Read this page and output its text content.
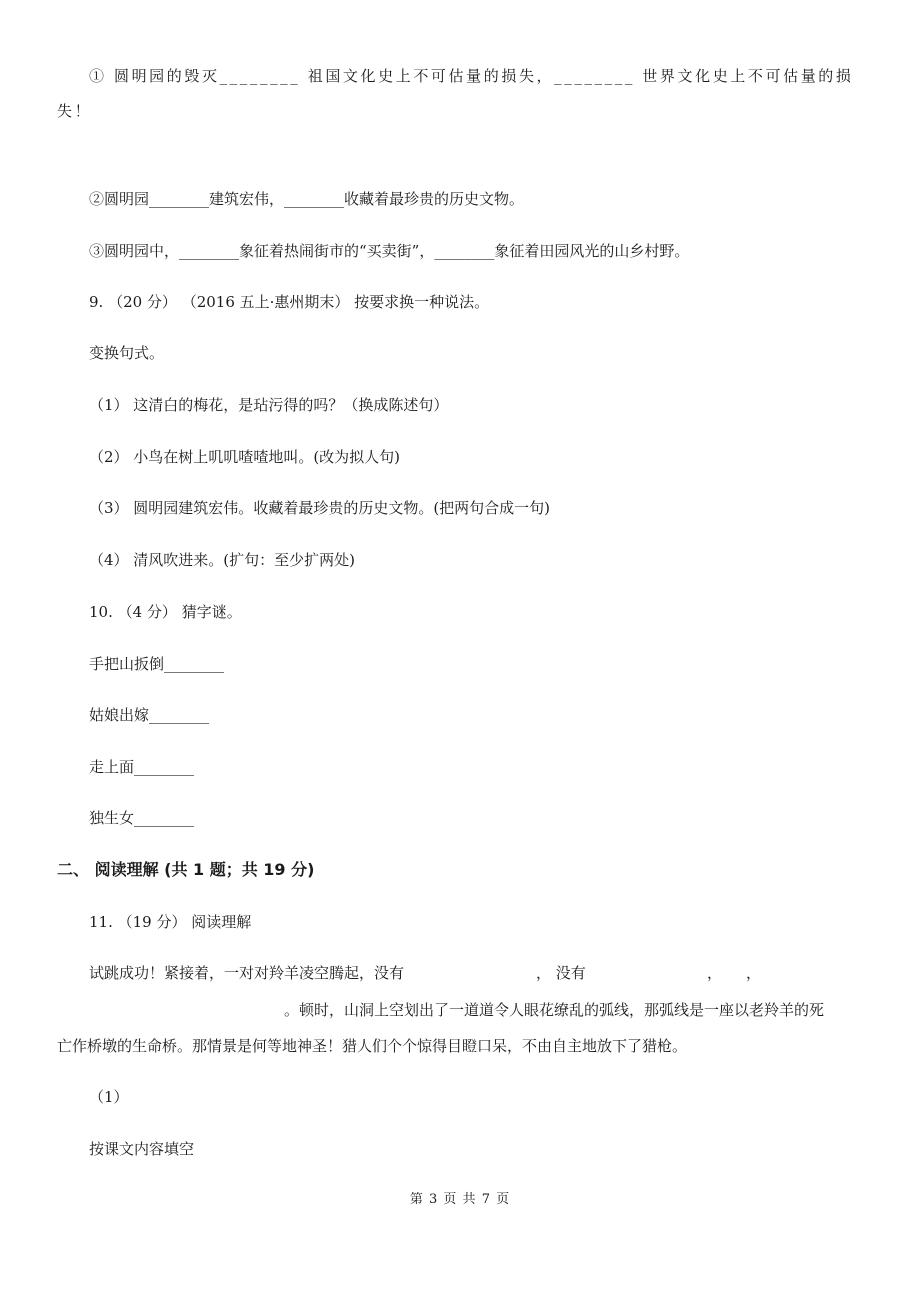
① 圆明园的毁灭________ 祖国文化史上不可估量的损失，________ 世界文化史上不可估量的损
失！
②圆明园________建筑宏伟，________收藏着最珍贵的历史文物。
③圆明园中，________象征着热闹街市的“买卖街”，________象征着田园风光的山乡村野。
9. （20 分） （2016 五上·惠州期末） 按要求换一种说法。
变换句式。
（1） 这清白的梅花，是玷污得的吗？（换成陈述句）
（2） 小鸟在树上叽叽喳喳地叫。(改为拟人句)
（3） 圆明园建筑宏伟。收藏着最珍贵的历史文物。(把两句合成一句)
（4） 清风吹进来。(扩句：至少扩两处)
10. （4 分） 猜字谜。
手把山扳倒________
姑娘出嫁________
走上面________
独生女________
二、 阅读理解 (共 1 题；共 19 分)
11. （19 分） 阅读理解
试跳成功！紧接着，一对对羚羊凌空腾起，没有	， 没有	， ，
。顿时，山洞上空划出了一道道令人眼花缭乱的弧线，那弧线是一座以老羚羊的死
亡作桥墩的生命桥。那情景是何等地神圣！猎人们个个惊得目瞪口呆，不由自主地放下了猎枪。
（1）
按课文内容填空
第 3 页 共 7 页
